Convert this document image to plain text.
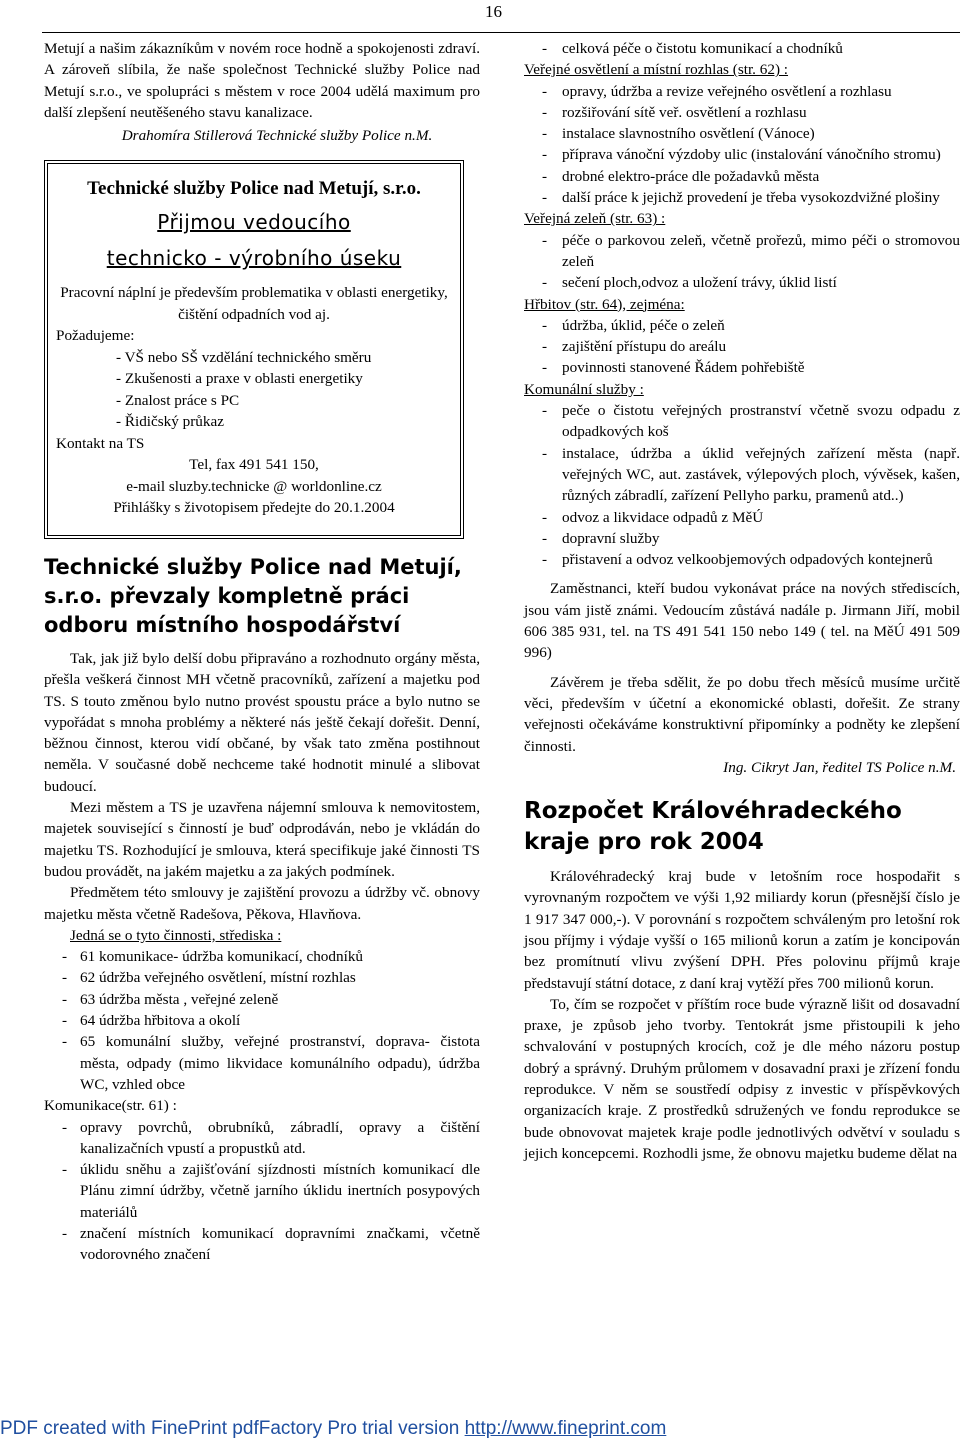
16

Metují a našim zákazníkům v novém roce hodně a spokojenosti zdraví. A zároveň slíbila, že naše společnost Technické služby Police nad Metují s.r.o., ve spolupráci s městem v roce 2004 udělá maximum pro další zlepšení neutěšeného stavu kanalizace.

Drahomíra Stillerová Technické služby Police n.M.

Technické služby Police nad Metují, s.r.o.
Přijmou vedoucího
technicko - výrobního úseku
Pracovní náplní je především problematika v oblasti energetiky, čištění odpadních vod aj.
Požadujeme:
- VŠ nebo SŠ vzdělání technického směru
- Zkušenosti a praxe v oblasti energetiky
- Znalost práce s PC
- Řidičský průkaz
Kontakt na TS
Tel, fax 491 541 150,
e-mail sluzby.technicke @ worldonline.cz
Přihlášky s životopisem předejte do 20.1.2004
Technické služby Police nad Metují, s.r.o. převzaly kompletně práci odboru místního hospodářství

Tak, jak již bylo delší dobu připraváno a rozhodnuto orgány města, přešla veškerá činnost MH včetně pracovníků, zařízení a majetku pod TS. S touto změnou bylo nutno provést spoustu práce a bylo nutno se vypořádat s mnoha problémy a některé nás ještě čekají dořešit. Denní, běžnou činnost, kterou vidí občané, by však tato změna postihnout neměla. V současné době nechceme také hodnotit minulé a slibovat budoucí.

Mezi městem a TS je uzavřena nájemní smlouva k nemovitostem, majetek související s činností je buď odprodáván, nebo je vkládán do majetku TS. Rozhodující je smlouva, která specifikuje jaké činnosti TS budou provádět, na jakém majetku a za jakých podmínek.

Předmětem této smlouvy je zajištění provozu a údržby vč. obnovy majetku města včetně Radešova, Pěkova, Hlavňova.

Jedná se o tyto činnosti, střediska :

- 61 komunikace- údržba komunikací, chodníků
- 62 údržba veřejného osvětlení, místní rozhlas
- 63 údržba města , veřejné zeleně
- 64 údržba hřbitova a okolí
- 65 komunální služby, veřejné prostranství, doprava- čistota města, odpady (mimo likvidace komunálního odpadu), údržba WC, vzhled obce

Komunikace(str. 61) :

- opravy povrchů, obrubníků, zábradlí, opravy a čištění kanalizačních vpustí a propustků atd.
- úklidu sněhu a zajišťování sjízdnosti místních komunikací dle Plánu zimní údržby, včetně jarního úklidu inertních posypových materiálů
- značení místních komunikací dopravními značkami, včetně vodorovného značení
- celková péče o čistotu komunikací a chodníků

Veřejné osvětlení a místní rozhlas (str. 62) :

- opravy, údržba a revize veřejného osvětlení a rozhlasu
- rozšiřování sítě veř. osvětlení a rozhlasu
- instalace slavnostního osvětlení (Vánoce)
- příprava vánoční výzdoby ulic (instalování vánočního stromu)
- drobné elektro-práce dle požadavků města
- další práce k jejichž provedení je třeba vysokozdvižné plošiny

Veřejná zeleň (str. 63) :

- péče o parkovou zeleň, včetně prořezů, mimo péči o stromovou zeleň
- sečení ploch,odvoz a uložení trávy, úklid listí

Hřbitov (str. 64), zejména:

- údržba, úklid, péče o zeleň
- zajištění přístupu do areálu
- povinnosti stanovené Řádem pohřebiště

Komunální služby :

- peče o čistotu veřejných prostranství včetně svozu odpadu z odpadkových koš
- instalace, údržba a úklid veřejných zařízení města (např. veřejných WC, aut. zastávek, výlepových ploch, vývěsek, kašen, různých zábradlí, zařízení Pellyho parku, pramenů atd..)
- odvoz a likvidace odpadů z MěÚ
- dopravní služby
- přistavení a odvoz velkoobjemových odpadových kontejnerů

Zaměstnanci, kteří budou vykonávat práce na nových střediscích, jsou vám jistě známi. Vedoucím zůstává nadále p. Jirmann Jiří, mobil 606 385 931, tel. na TS 491 541 150 nebo 149 ( tel. na MěÚ 491 509 996)

Závěrem je třeba sdělit, že po dobu třech měsíců musíme určitě věci, především v účetní a ekonomické oblasti, dořešit. Ze strany veřejnosti očekáváme konstruktivní připomínky a podněty ke zlepšení činnosti.

Ing. Cikryt Jan, ředitel TS Police n.M.

Rozpočet Královéhradeckého kraje pro rok 2004

Královéhradecký kraj bude v letošním roce hospodařit s vyrovnaným rozpočtem ve výši 1,92 miliardy korun (přesnější číslo je 1 917 347 000,-). V porovnání s rozpočtem schváleným pro letošní rok jsou příjmy i výdaje vyšší o 165 milionů korun a zatím je koncipován bez promítnutí vlivu zvýšení DPH. Přes polovinu příjmů kraje představují státní dotace, z daní kraj vytěží přes 700 milionů korun.

To, čím se rozpočet v příštím roce bude výrazně lišit od dosavadní praxe, je způsob jeho tvorby. Tentokrát jsme přistoupili k jeho schvalování v postupných krocích, což je dle mého názoru postup dobrý a správný. Druhým průlomem v dosavadní praxi je zřízení fondu reprodukce. V něm se soustředí odpisy z investic v příspěvkových organizacích kraje. Z prostředků sdružených ve fondu reprodukce se bude obnovovat majetek kraje podle jednotlivých odvětví v souladu s jejich koncepcemi. Rozhodli jsme, že obnovu majetku budeme dělat na

PDF created with FinePrint pdfFactory Pro trial version http://www.fineprint.com
